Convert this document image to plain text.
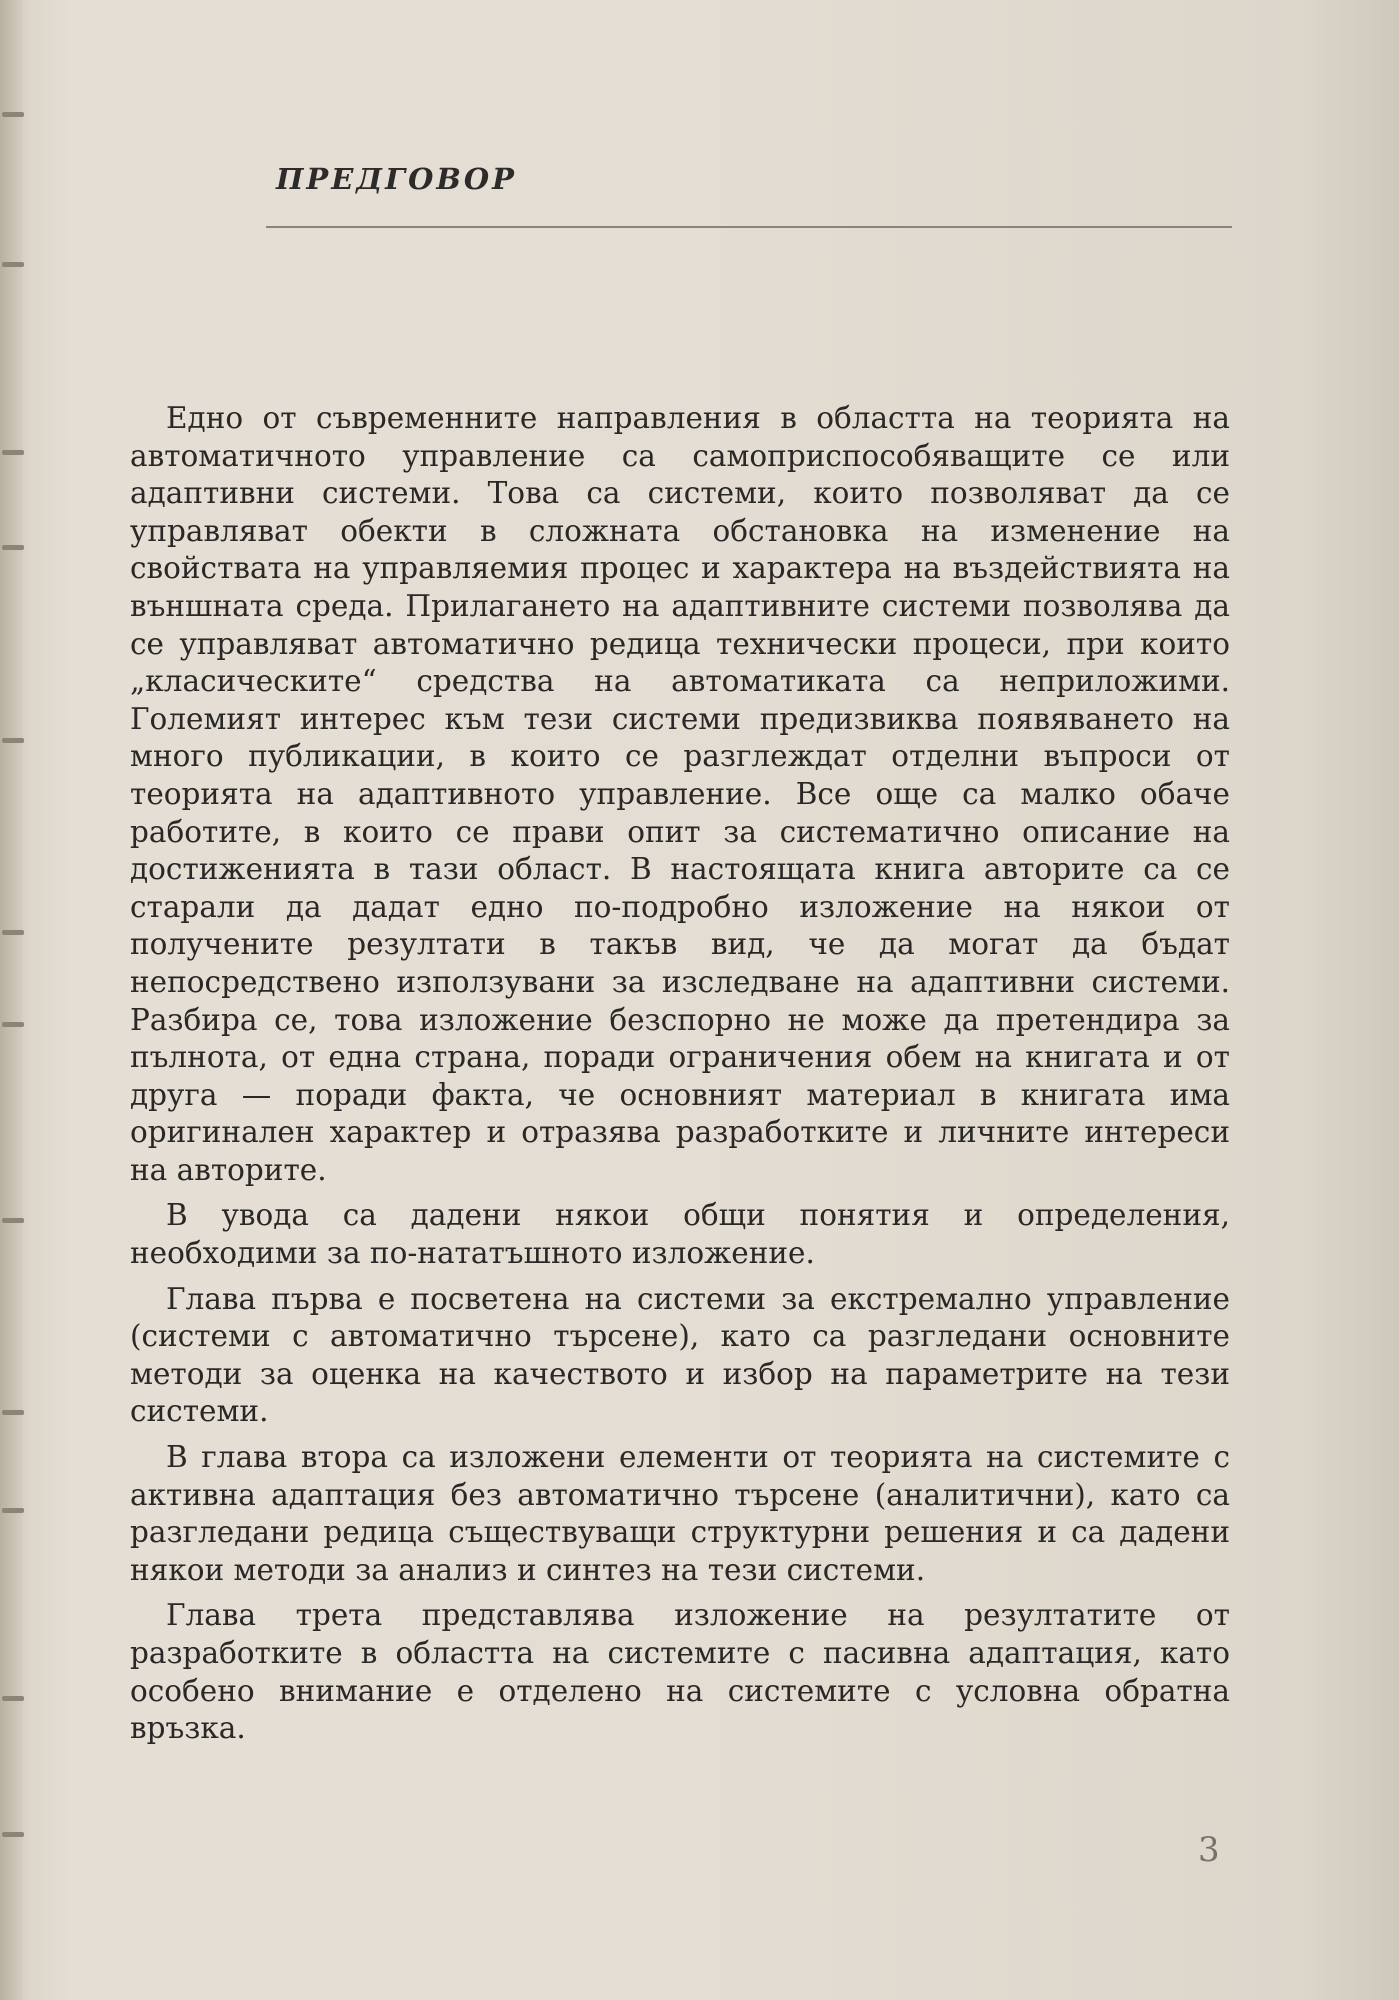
ПРЕДГОВОР

Едно от съвременните направления в областта на теорията на автоматичното управление са самоприспособяващите се или адаптивни системи. Това са системи, които позволяват да се управляват обекти в сложната обстановка на изменение на свойствата на управляемия процес и характера на въздействията на външната среда. Прилагането на адаптивните системи позволява да се управляват автоматично редица технически процеси, при които „класическите“ средства на автоматиката са неприложими. Големият интерес към тези системи предизвиква появяването на много публикации, в които се разглеждат отделни въпроси от теорията на адаптивното управление. Все още са малко обаче работите, в които се прави опит за систематично описание на достиженията в тази област. В настоящата книга авторите са се старали да дадат едно по-подробно изложение на някои от получените резултати в такъв вид, че да могат да бъдат непосредствено използувани за изследване на адаптивни системи. Разбира се, това изложение безспорно не може да претендира за пълнота, от една страна, поради ограничения обем на книгата и от друга — поради факта, че основният материал в книгата има оригинален характер и отразява разработките и личните интереси на авторите.

В увода са дадени някои общи понятия и определения, необходими за по-нататъшното изложение.

Глава първа е посветена на системи за екстремално управление (системи с автоматично търсене), като са разгледани основните методи за оценка на качеството и избор на параметрите на тези системи.

В глава втора са изложени елементи от теорията на системите с активна адаптация без автоматично търсене (аналитични), като са разгледани редица съществуващи структурни решения и са дадени някои методи за анализ и синтез на тези системи.

Глава трета представлява изложение на резултатите от разработките в областта на системите с пасивна адаптация, като особено внимание е отделено на системите с условна обратна връзка.

3
